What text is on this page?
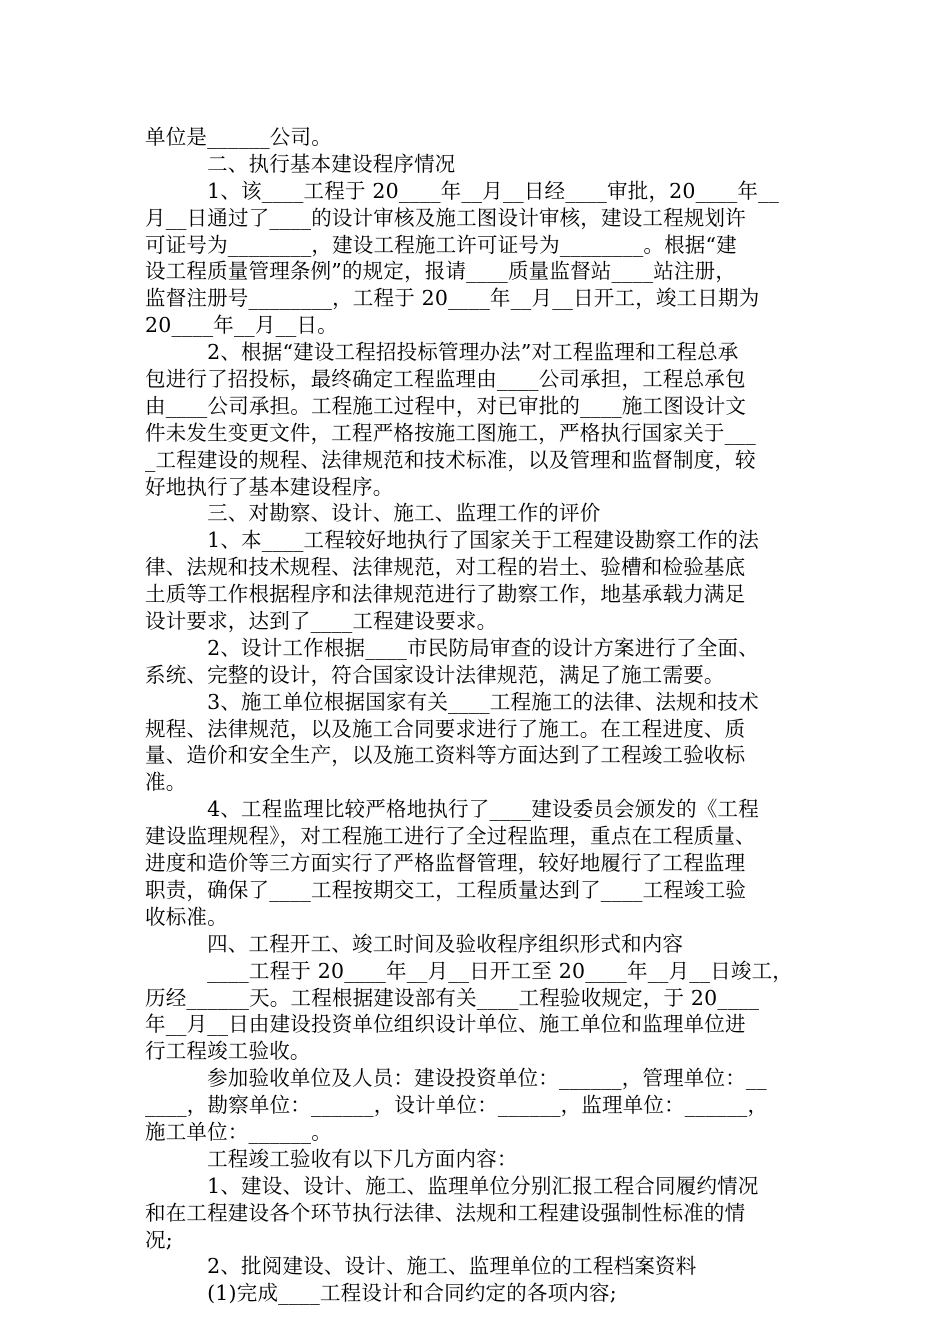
单位是______公司。
　　　二、执行基本建设程序情况
　　　1、该____工程于 20____年__月__日经____审批，20____年__
月__日通过了____的设计审核及施工图设计审核，建设工程规划许
可证号为________，建设工程施工许可证号为________。根据“建
设工程质量管理条例”的规定，报请____质量监督站____站注册，
监督注册号________，工程于 20____年__月__日开工，竣工日期为
20____年__月__日。
　　　2、根据“建设工程招投标管理办法”对工程监理和工程总承
包进行了招投标，最终确定工程监理由____公司承担，工程总承包
由____公司承担。工程施工过程中，对已审批的____施工图设计文
件未发生变更文件，工程严格按施工图施工，严格执行国家关于___
_工程建设的规程、法律规范和技术标准，以及管理和监督制度，较
好地执行了基本建设程序。
　　　三、对勘察、设计、施工、监理工作的评价
　　　1、本____工程较好地执行了国家关于工程建设勘察工作的法
律、法规和技术规程、法律规范，对工程的岩土、验槽和检验基底
土质等工作根据程序和法律规范进行了勘察工作，地基承载力满足
设计要求，达到了____工程建设要求。
　　　2、设计工作根据____市民防局审查的设计方案进行了全面、
系统、完整的设计，符合国家设计法律规范，满足了施工需要。
　　　3、施工单位根据国家有关____工程施工的法律、法规和技术
规程、法律规范，以及施工合同要求进行了施工。在工程进度、质
量、造价和安全生产，以及施工资料等方面达到了工程竣工验收标
准。
　　　4、工程监理比较严格地执行了____建设委员会颁发的《工程
建设监理规程》，对工程施工进行了全过程监理，重点在工程质量、
进度和造价等三方面实行了严格监督管理，较好地履行了工程监理
职责，确保了____工程按期交工，工程质量达到了____工程竣工验
收标准。
　　　四、工程开工、竣工时间及验收程序组织形式和内容
　　　____工程于 20____年__月__日开工至 20____年__月__日竣工，
历经______天。工程根据建设部有关____工程验收规定，于 20____
年__月__日由建设投资单位组织设计单位、施工单位和监理单位进
行工程竣工验收。
　　　参加验收单位及人员：建设投资单位：______，管理单位：__
____，勘察单位：______，设计单位：______，监理单位：______，
施工单位：______。
　　　工程竣工验收有以下几方面内容：
　　　1、建设、设计、施工、监理单位分别汇报工程合同履约情况
和在工程建设各个环节执行法律、法规和工程建设强制性标准的情
况;
　　　2、批阅建设、设计、施工、监理单位的工程档案资料
　　　(1)完成____工程设计和合同约定的各项内容;
